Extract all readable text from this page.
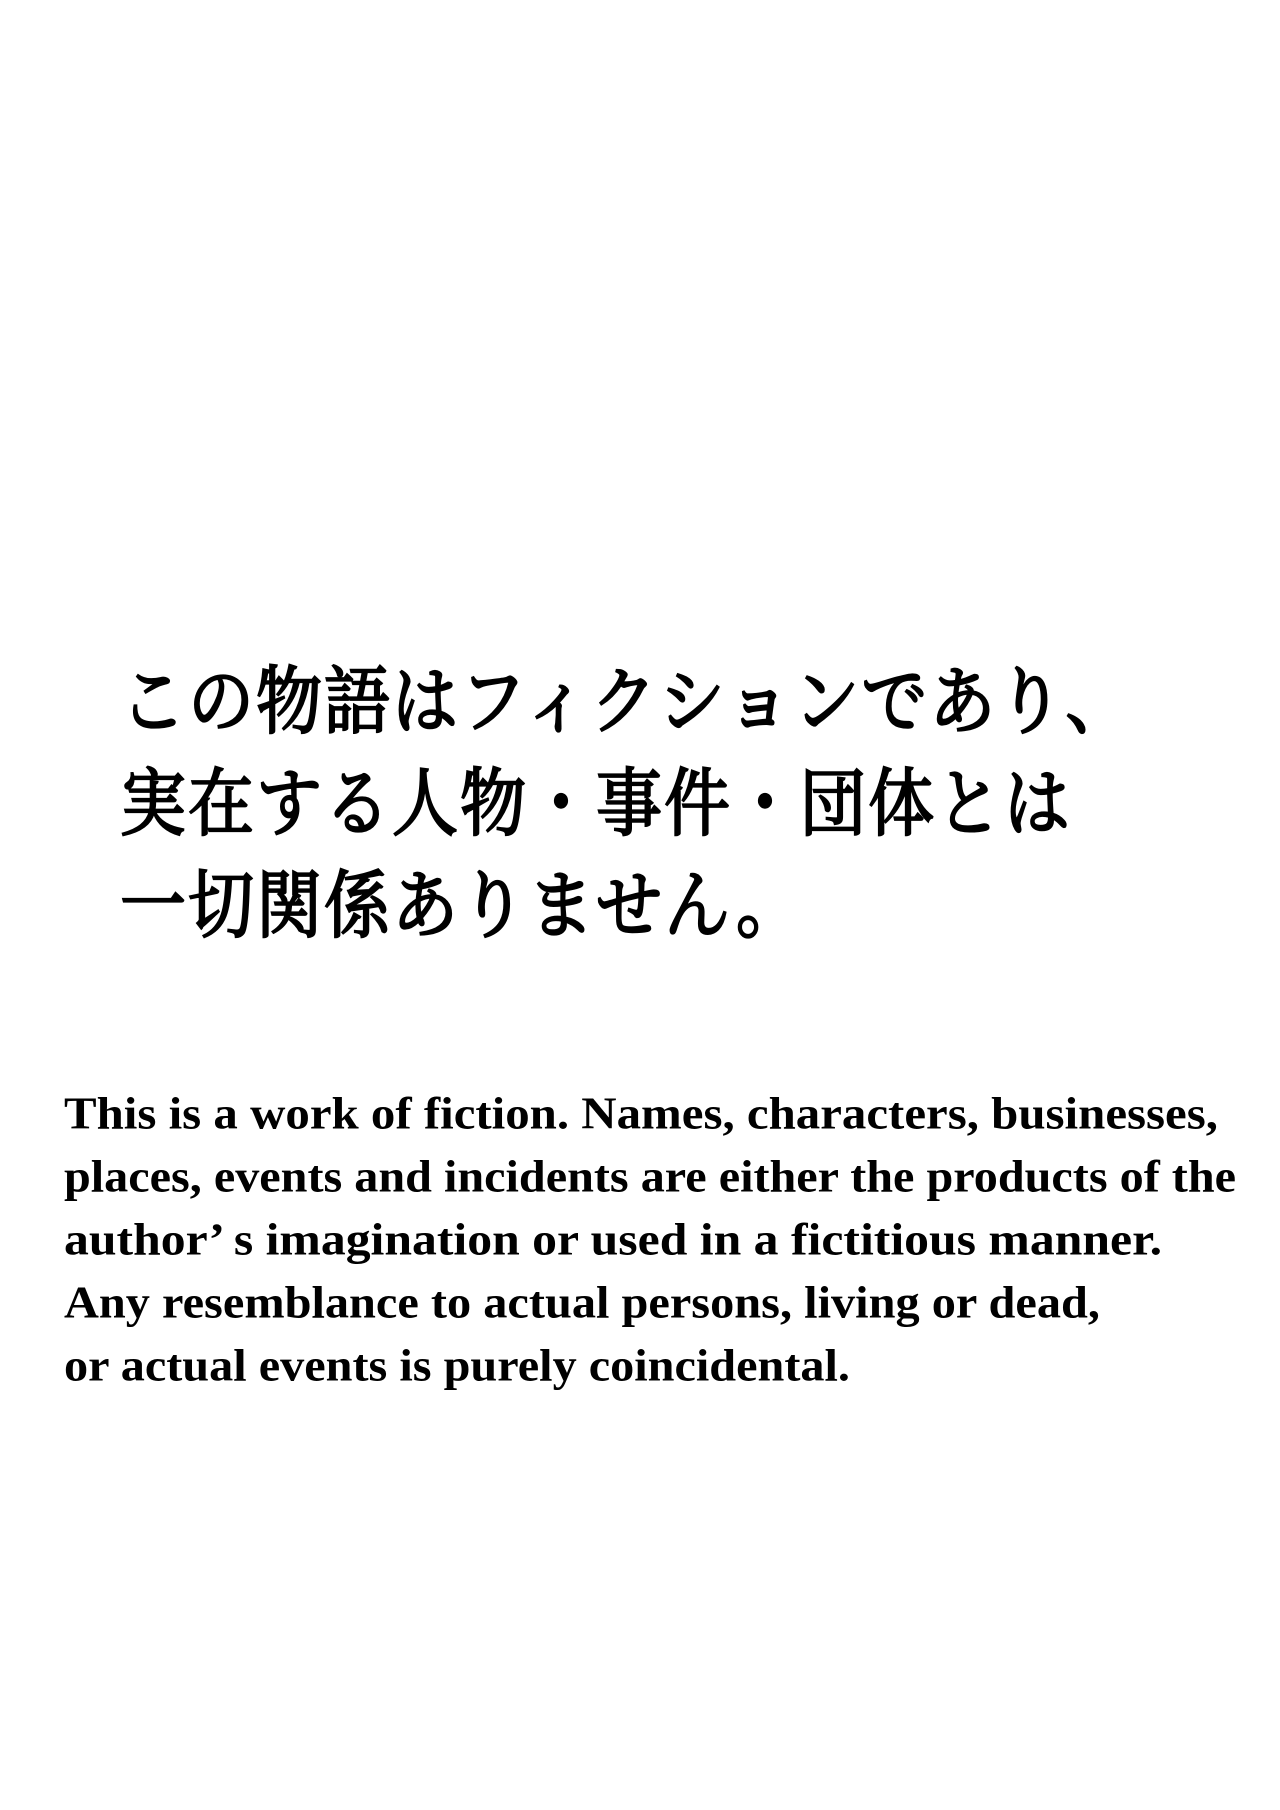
この物語はフィクションであり、
実在する人物・事件・団体とは
一切関係ありません。
This is a work of fiction. Names, characters, businesses,
places, events and incidents are either the products of the
author’ s imagination or used in a fictitious manner.
Any resemblance to actual persons, living or dead,
or actual events is purely coincidental.
